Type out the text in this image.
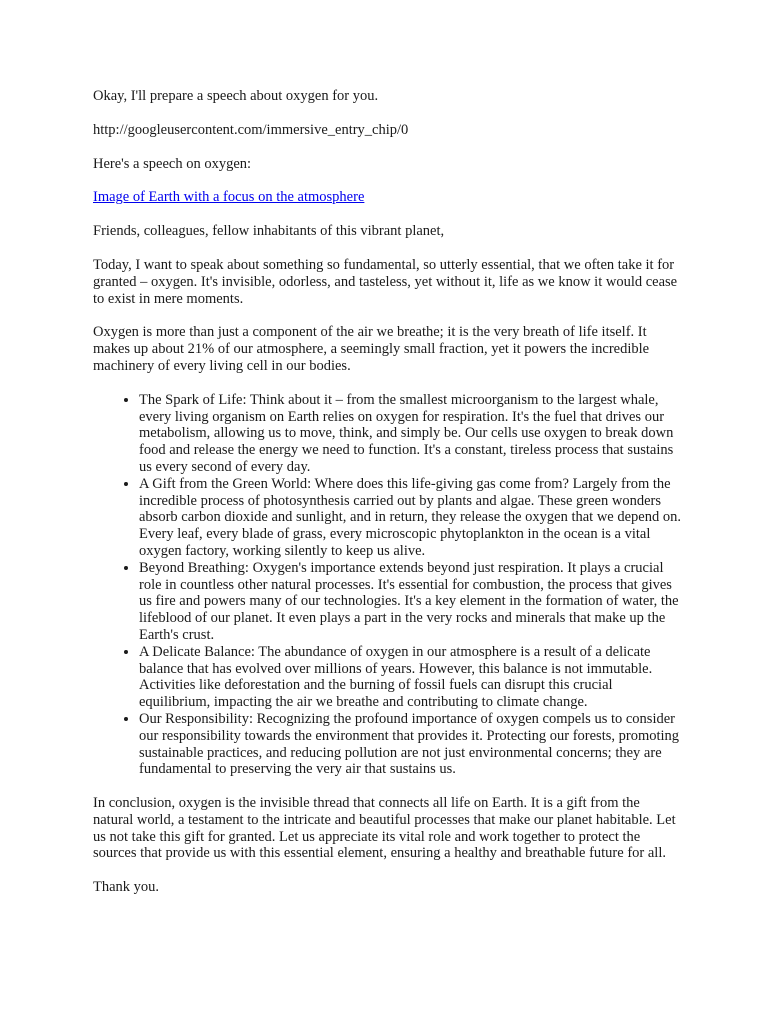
Okay, I'll prepare a speech about oxygen for you.

http://googleusercontent.com/immersive_entry_chip/0

Here's a speech on oxygen:

Image of Earth with a focus on the atmosphere

Friends, colleagues, fellow inhabitants of this vibrant planet,

Today, I want to speak about something so fundamental, so utterly essential, that we often take it for granted – oxygen. It's invisible, odorless, and tasteless, yet without it, life as we know it would cease to exist in mere moments.

Oxygen is more than just a component of the air we breathe; it is the very breath of life itself. It makes up about 21% of our atmosphere, a seemingly small fraction, yet it powers the incredible machinery of every living cell in our bodies.

• The Spark of Life: Think about it – from the smallest microorganism to the largest whale, every living organism on Earth relies on oxygen for respiration. It's the fuel that drives our metabolism, allowing us to move, think, and simply be. Our cells use oxygen to break down food and release the energy we need to function. It's a constant, tireless process that sustains us every second of every day.
• A Gift from the Green World: Where does this life-giving gas come from? Largely from the incredible process of photosynthesis carried out by plants and algae. These green wonders absorb carbon dioxide and sunlight, and in return, they release the oxygen that we depend on. Every leaf, every blade of grass, every microscopic phytoplankton in the ocean is a vital oxygen factory, working silently to keep us alive.
• Beyond Breathing: Oxygen's importance extends beyond just respiration. It plays a crucial role in countless other natural processes. It's essential for combustion, the process that gives us fire and powers many of our technologies. It's a key element in the formation of water, the lifeblood of our planet. It even plays a part in the very rocks and minerals that make up the Earth's crust.
• A Delicate Balance: The abundance of oxygen in our atmosphere is a result of a delicate balance that has evolved over millions of years. However, this balance is not immutable. Activities like deforestation and the burning of fossil fuels can disrupt this crucial equilibrium, impacting the air we breathe and contributing to climate change.
• Our Responsibility: Recognizing the profound importance of oxygen compels us to consider our responsibility towards the environment that provides it. Protecting our forests, promoting sustainable practices, and reducing pollution are not just environmental concerns; they are fundamental to preserving the very air that sustains us.

In conclusion, oxygen is the invisible thread that connects all life on Earth. It is a gift from the natural world, a testament to the intricate and beautiful processes that make our planet habitable. Let us not take this gift for granted. Let us appreciate its vital role and work together to protect the sources that provide us with this essential element, ensuring a healthy and breathable future for all.

Thank you.
